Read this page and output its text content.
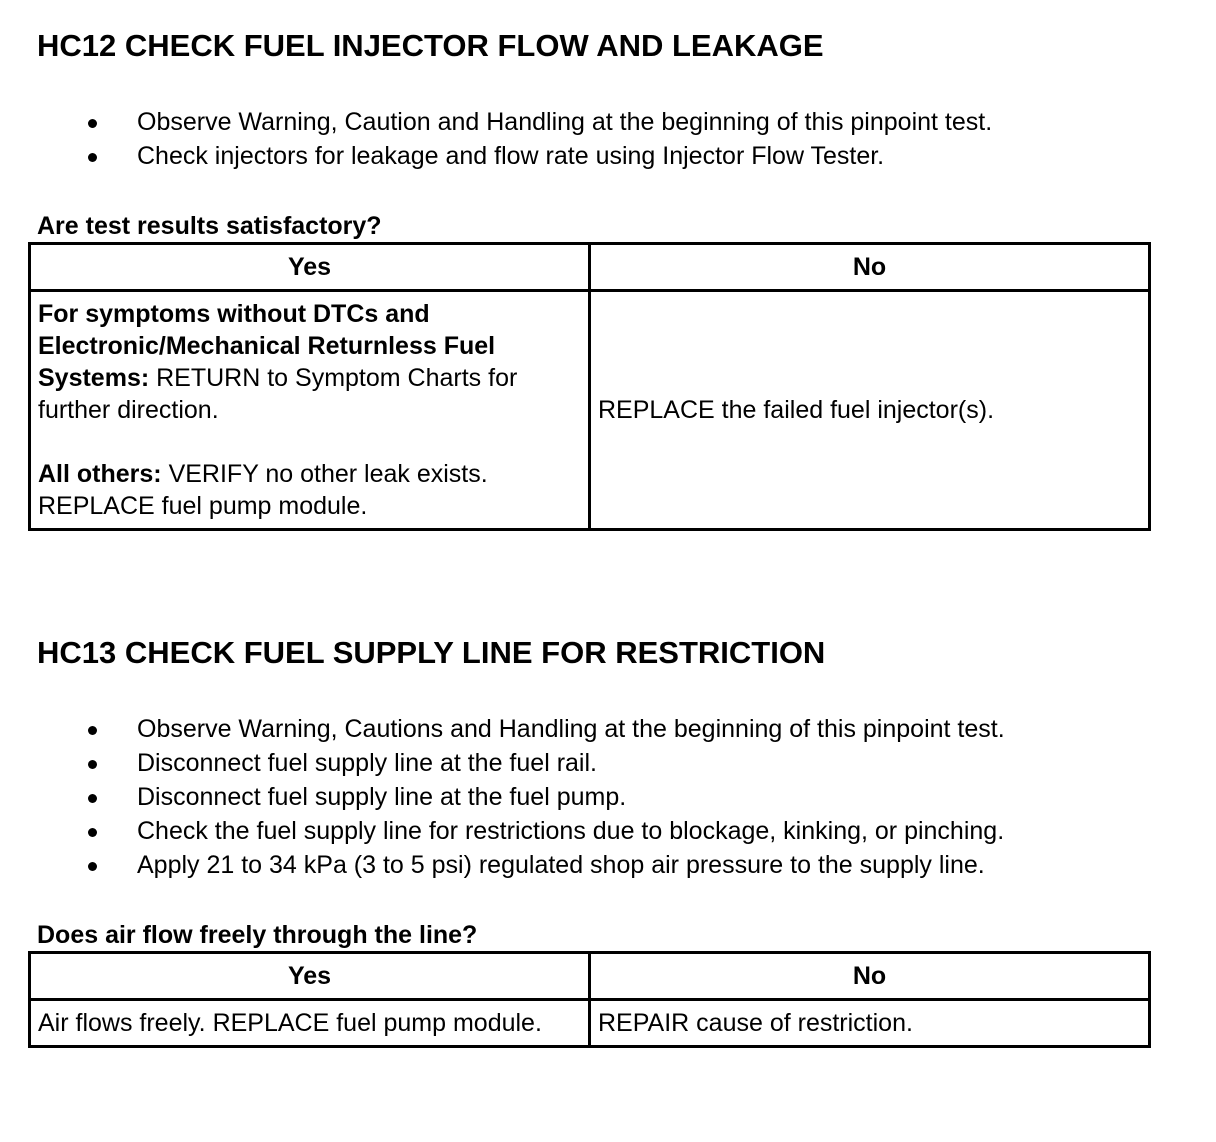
HC12 CHECK FUEL INJECTOR FLOW AND LEAKAGE
Observe Warning, Caution and Handling at the beginning of this pinpoint test.
Check injectors for leakage and flow rate using Injector Flow Tester.

Are test results satisfactory?

Yes	No

For symptoms without DTCs and Electronic/Mechanical Returnless Fuel Systems: RETURN to Symptom Charts for further direction.
All others: VERIFY no other leak exists. REPLACE fuel pump module.	REPLACE the failed fuel injector(s).
HC13 CHECK FUEL SUPPLY LINE FOR RESTRICTION
Observe Warning, Cautions and Handling at the beginning of this pinpoint test.
Disconnect fuel supply line at the fuel rail.
Disconnect fuel supply line at the fuel pump.
Check the fuel supply line for restrictions due to blockage, kinking, or pinching.
Apply 21 to 34 kPa (3 to 5 psi) regulated shop air pressure to the supply line.

Does air flow freely through the line?

Yes	No
Air flows freely. REPLACE fuel pump module.	REPAIR cause of restriction.
